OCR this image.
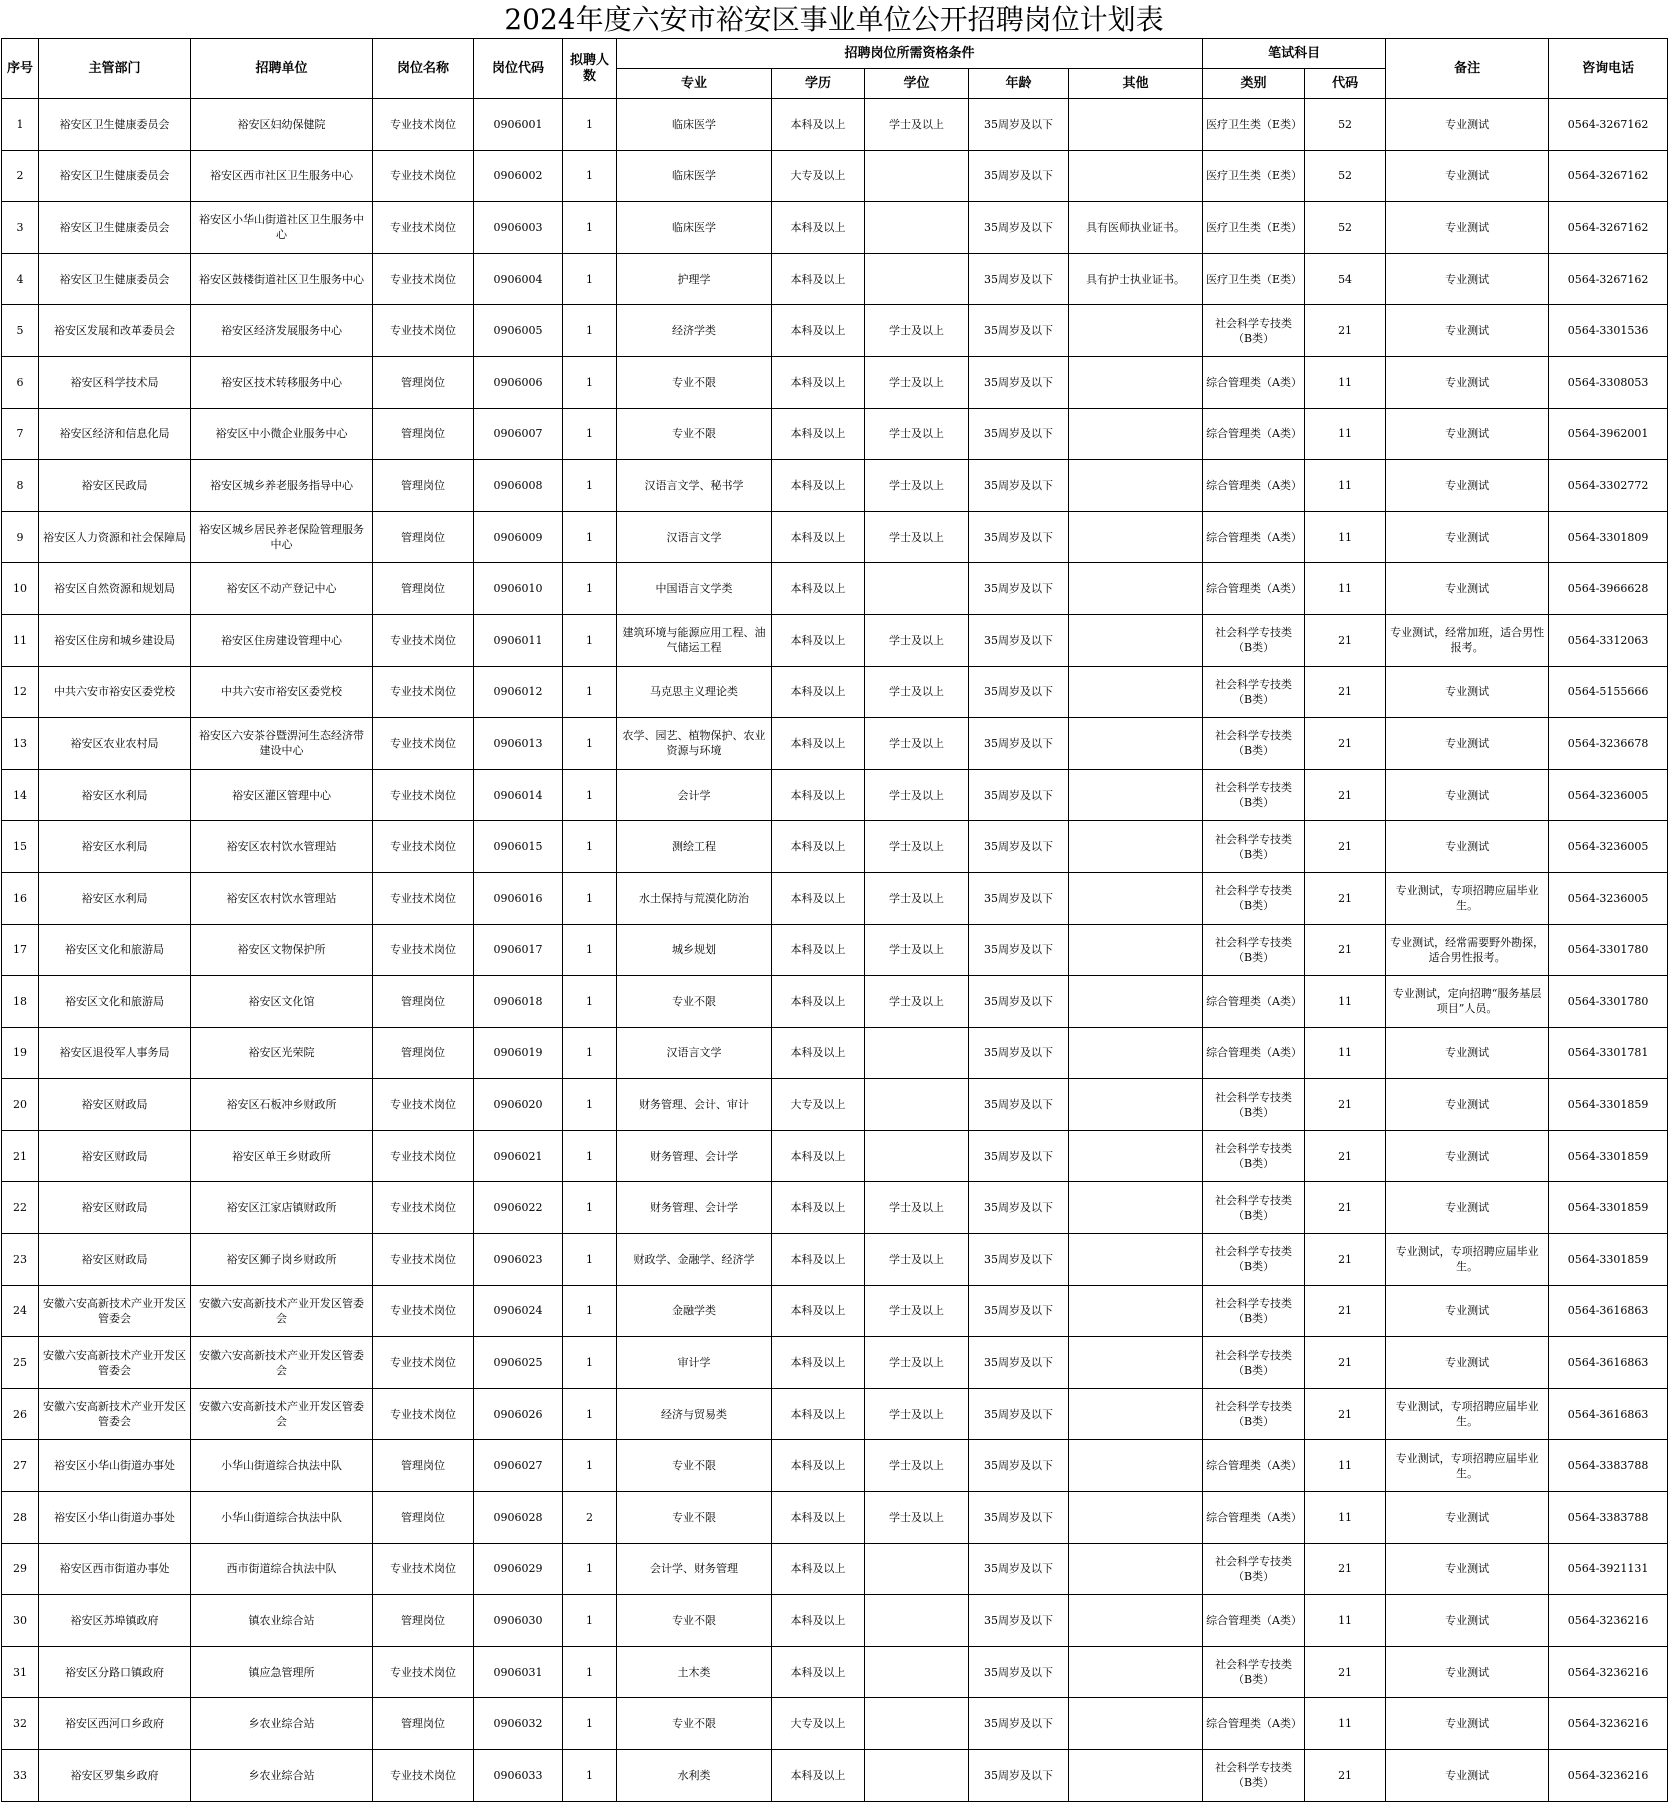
2024年度六安市裕安区事业单位公开招聘岗位计划表
序号	主管部门	招聘单位	岗位名称	岗位代码	拟聘人数	招聘岗位所需资格条件					笔试科目		备注	咨询电话
						专业	学历	学位	年龄	其他	类别	代码		
1	裕安区卫生健康委员会	裕安区妇幼保健院	专业技术岗位	0906001	1	临床医学	本科及以上	学士及以上	35周岁及以下		医疗卫生类（E类）	52	专业测试	0564-3267162
2	裕安区卫生健康委员会	裕安区西市社区卫生服务中心	专业技术岗位	0906002	1	临床医学	大专及以上		35周岁及以下		医疗卫生类（E类）	52	专业测试	0564-3267162
3	裕安区卫生健康委员会	裕安区小华山街道社区卫生服务中心	专业技术岗位	0906003	1	临床医学	本科及以上		35周岁及以下	具有医师执业证书。	医疗卫生类（E类）	52	专业测试	0564-3267162
4	裕安区卫生健康委员会	裕安区鼓楼街道社区卫生服务中心	专业技术岗位	0906004	1	护理学	本科及以上		35周岁及以下	具有护士执业证书。	医疗卫生类（E类）	54	专业测试	0564-3267162
5	裕安区发展和改革委员会	裕安区经济发展服务中心	专业技术岗位	0906005	1	经济学类	本科及以上	学士及以上	35周岁及以下		社会科学专技类（B类）	21	专业测试	0564-3301536
6	裕安区科学技术局	裕安区技术转移服务中心	管理岗位	0906006	1	专业不限	本科及以上	学士及以上	35周岁及以下		综合管理类（A类）	11	专业测试	0564-3308053
7	裕安区经济和信息化局	裕安区中小微企业服务中心	管理岗位	0906007	1	专业不限	本科及以上	学士及以上	35周岁及以下		综合管理类（A类）	11	专业测试	0564-3962001
8	裕安区民政局	裕安区城乡养老服务指导中心	管理岗位	0906008	1	汉语言文学、秘书学	本科及以上	学士及以上	35周岁及以下		综合管理类（A类）	11	专业测试	0564-3302772
9	裕安区人力资源和社会保障局	裕安区城乡居民养老保险管理服务中心	管理岗位	0906009	1	汉语言文学	本科及以上	学士及以上	35周岁及以下		综合管理类（A类）	11	专业测试	0564-3301809
10	裕安区自然资源和规划局	裕安区不动产登记中心	管理岗位	0906010	1	中国语言文学类	本科及以上		35周岁及以下		综合管理类（A类）	11	专业测试	0564-3966628
11	裕安区住房和城乡建设局	裕安区住房建设管理中心	专业技术岗位	0906011	1	建筑环境与能源应用工程、油气储运工程	本科及以上	学士及以上	35周岁及以下		社会科学专技类（B类）	21	专业测试，经常加班，适合男性报考。	0564-3312063
12	中共六安市裕安区委党校	中共六安市裕安区委党校	专业技术岗位	0906012	1	马克思主义理论类	本科及以上	学士及以上	35周岁及以下		社会科学专技类（B类）	21	专业测试	0564-5155666
13	裕安区农业农村局	裕安区六安茶谷暨淠河生态经济带建设中心	专业技术岗位	0906013	1	农学、园艺、植物保护、农业资源与环境	本科及以上	学士及以上	35周岁及以下		社会科学专技类（B类）	21	专业测试	0564-3236678
14	裕安区水利局	裕安区灌区管理中心	专业技术岗位	0906014	1	会计学	本科及以上	学士及以上	35周岁及以下		社会科学专技类（B类）	21	专业测试	0564-3236005
15	裕安区水利局	裕安区农村饮水管理站	专业技术岗位	0906015	1	测绘工程	本科及以上	学士及以上	35周岁及以下		社会科学专技类（B类）	21	专业测试	0564-3236005
16	裕安区水利局	裕安区农村饮水管理站	专业技术岗位	0906016	1	水土保持与荒漠化防治	本科及以上	学士及以上	35周岁及以下		社会科学专技类（B类）	21	专业测试，专项招聘应届毕业生。	0564-3236005
17	裕安区文化和旅游局	裕安区文物保护所	专业技术岗位	0906017	1	城乡规划	本科及以上	学士及以上	35周岁及以下		社会科学专技类（B类）	21	专业测试，经常需要野外勘探，适合男性报考。	0564-3301780
18	裕安区文化和旅游局	裕安区文化馆	管理岗位	0906018	1	专业不限	本科及以上	学士及以上	35周岁及以下		综合管理类（A类）	11	专业测试，定向招聘“服务基层项目”人员。	0564-3301780
19	裕安区退役军人事务局	裕安区光荣院	管理岗位	0906019	1	汉语言文学	本科及以上		35周岁及以下		综合管理类（A类）	11	专业测试	0564-3301781
20	裕安区财政局	裕安区石板冲乡财政所	专业技术岗位	0906020	1	财务管理、会计、审计	大专及以上		35周岁及以下		社会科学专技类（B类）	21	专业测试	0564-3301859
21	裕安区财政局	裕安区单王乡财政所	专业技术岗位	0906021	1	财务管理、会计学	本科及以上		35周岁及以下		社会科学专技类（B类）	21	专业测试	0564-3301859
22	裕安区财政局	裕安区江家店镇财政所	专业技术岗位	0906022	1	财务管理、会计学	本科及以上	学士及以上	35周岁及以下		社会科学专技类（B类）	21	专业测试	0564-3301859
23	裕安区财政局	裕安区狮子岗乡财政所	专业技术岗位	0906023	1	财政学、金融学、经济学	本科及以上	学士及以上	35周岁及以下		社会科学专技类（B类）	21	专业测试，专项招聘应届毕业生。	0564-3301859
24	安徽六安高新技术产业开发区管委会	安徽六安高新技术产业开发区管委会	专业技术岗位	0906024	1	金融学类	本科及以上	学士及以上	35周岁及以下		社会科学专技类（B类）	21	专业测试	0564-3616863
25	安徽六安高新技术产业开发区管委会	安徽六安高新技术产业开发区管委会	专业技术岗位	0906025	1	审计学	本科及以上	学士及以上	35周岁及以下		社会科学专技类（B类）	21	专业测试	0564-3616863
26	安徽六安高新技术产业开发区管委会	安徽六安高新技术产业开发区管委会	专业技术岗位	0906026	1	经济与贸易类	本科及以上	学士及以上	35周岁及以下		社会科学专技类（B类）	21	专业测试，专项招聘应届毕业生。	0564-3616863
27	裕安区小华山街道办事处	小华山街道综合执法中队	管理岗位	0906027	1	专业不限	本科及以上	学士及以上	35周岁及以下		综合管理类（A类）	11	专业测试，专项招聘应届毕业生。	0564-3383788
28	裕安区小华山街道办事处	小华山街道综合执法中队	管理岗位	0906028	2	专业不限	本科及以上	学士及以上	35周岁及以下		综合管理类（A类）	11	专业测试	0564-3383788
29	裕安区西市街道办事处	西市街道综合执法中队	专业技术岗位	0906029	1	会计学、财务管理	本科及以上		35周岁及以下		社会科学专技类（B类）	21	专业测试	0564-3921131
30	裕安区苏埠镇政府	镇农业综合站	管理岗位	0906030	1	专业不限	本科及以上		35周岁及以下		综合管理类（A类）	11	专业测试	0564-3236216
31	裕安区分路口镇政府	镇应急管理所	专业技术岗位	0906031	1	土木类	本科及以上		35周岁及以下		社会科学专技类（B类）	21	专业测试	0564-3236216
32	裕安区西河口乡政府	乡农业综合站	管理岗位	0906032	1	专业不限	大专及以上		35周岁及以下		综合管理类（A类）	11	专业测试	0564-3236216
33	裕安区罗集乡政府	乡农业综合站	专业技术岗位	0906033	1	水利类	本科及以上		35周岁及以下		社会科学专技类（B类）	21	专业测试	0564-3236216
